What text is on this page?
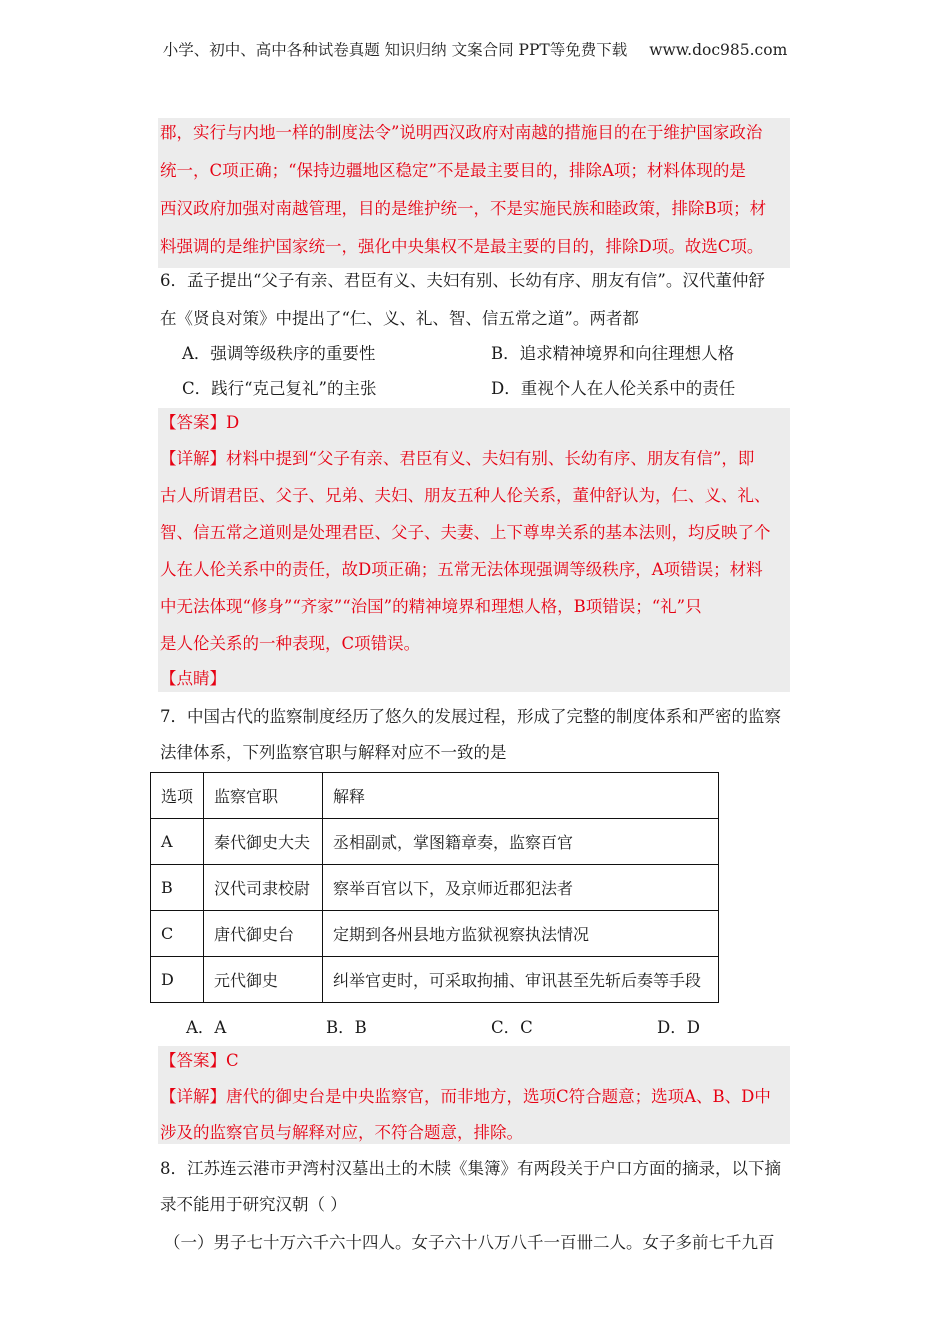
小学、初中、高中各种试卷真题 知识归纳 文案合同 PPT等免费下载 www.doc985.com
郡，实行与内地一样的制度法令”说明西汉政府对南越的措施目的在于维护国家政治
统一，C项正确；“保持边疆地区稳定”不是最主要目的，排除A项；材料体现的是
西汉政府加强对南越管理，目的是维护统一，不是实施民族和睦政策，排除B项；材
料强调的是维护国家统一，强化中央集权不是最主要的目的，排除D项。故选C项。
6．孟子提出“父子有亲、君臣有义、夫妇有别、长幼有序、朋友有信”。汉代董仲舒
在《贤良对策》中提出了“仁、义、礼、智、信五常之道”。两者都
A．强调等级秩序的重要性	B．追求精神境界和向往理想人格
C．践行“克己复礼”的主张	D．重视个人在人伦关系中的责任
【答案】D
【详解】材料中提到“父子有亲、君臣有义、夫妇有别、长幼有序、朋友有信”，即
古人所谓君臣、父子、兄弟、夫妇、朋友五种人伦关系，董仲舒认为，仁、义、礼、
智、信五常之道则是处理君臣、父子、夫妻、上下尊卑关系的基本法则，均反映了个
人在人伦关系中的责任，故D项正确；五常无法体现强调等级秩序，A项错误；材料
中无法体现“修身”“齐家”“治国”的精神境界和理想人格，B项错误；“礼”只
是人伦关系的一种表现，C项错误。
【点睛】
7．中国古代的监察制度经历了悠久的发展过程，形成了完整的制度体系和严密的监察
法律体系，下列监察官职与解释对应不一致的是
选项	监察官职	解释
A	秦代御史大夫	丞相副贰，掌图籍章奏，监察百官
B	汉代司隶校尉	察举百官以下，及京师近郡犯法者
C	唐代御史台	定期到各州县地方监狱视察执法情况
D	元代御史	纠举官吏时，可采取拘捕、审讯甚至先斩后奏等手段
A．A	B．B	C．C	D．D
【答案】C
【详解】唐代的御史台是中央监察官，而非地方，选项C符合题意；选项A、B、D中
涉及的监察官员与解释对应，不符合题意，排除。
8．江苏连云港市尹湾村汉墓出土的木牍《集簿》有两段关于户口方面的摘录，以下摘
录不能用于研究汉朝（ ）
（一）男子七十万六千六十四人。女子六十八万八千一百卌二人。女子多前七千九百
